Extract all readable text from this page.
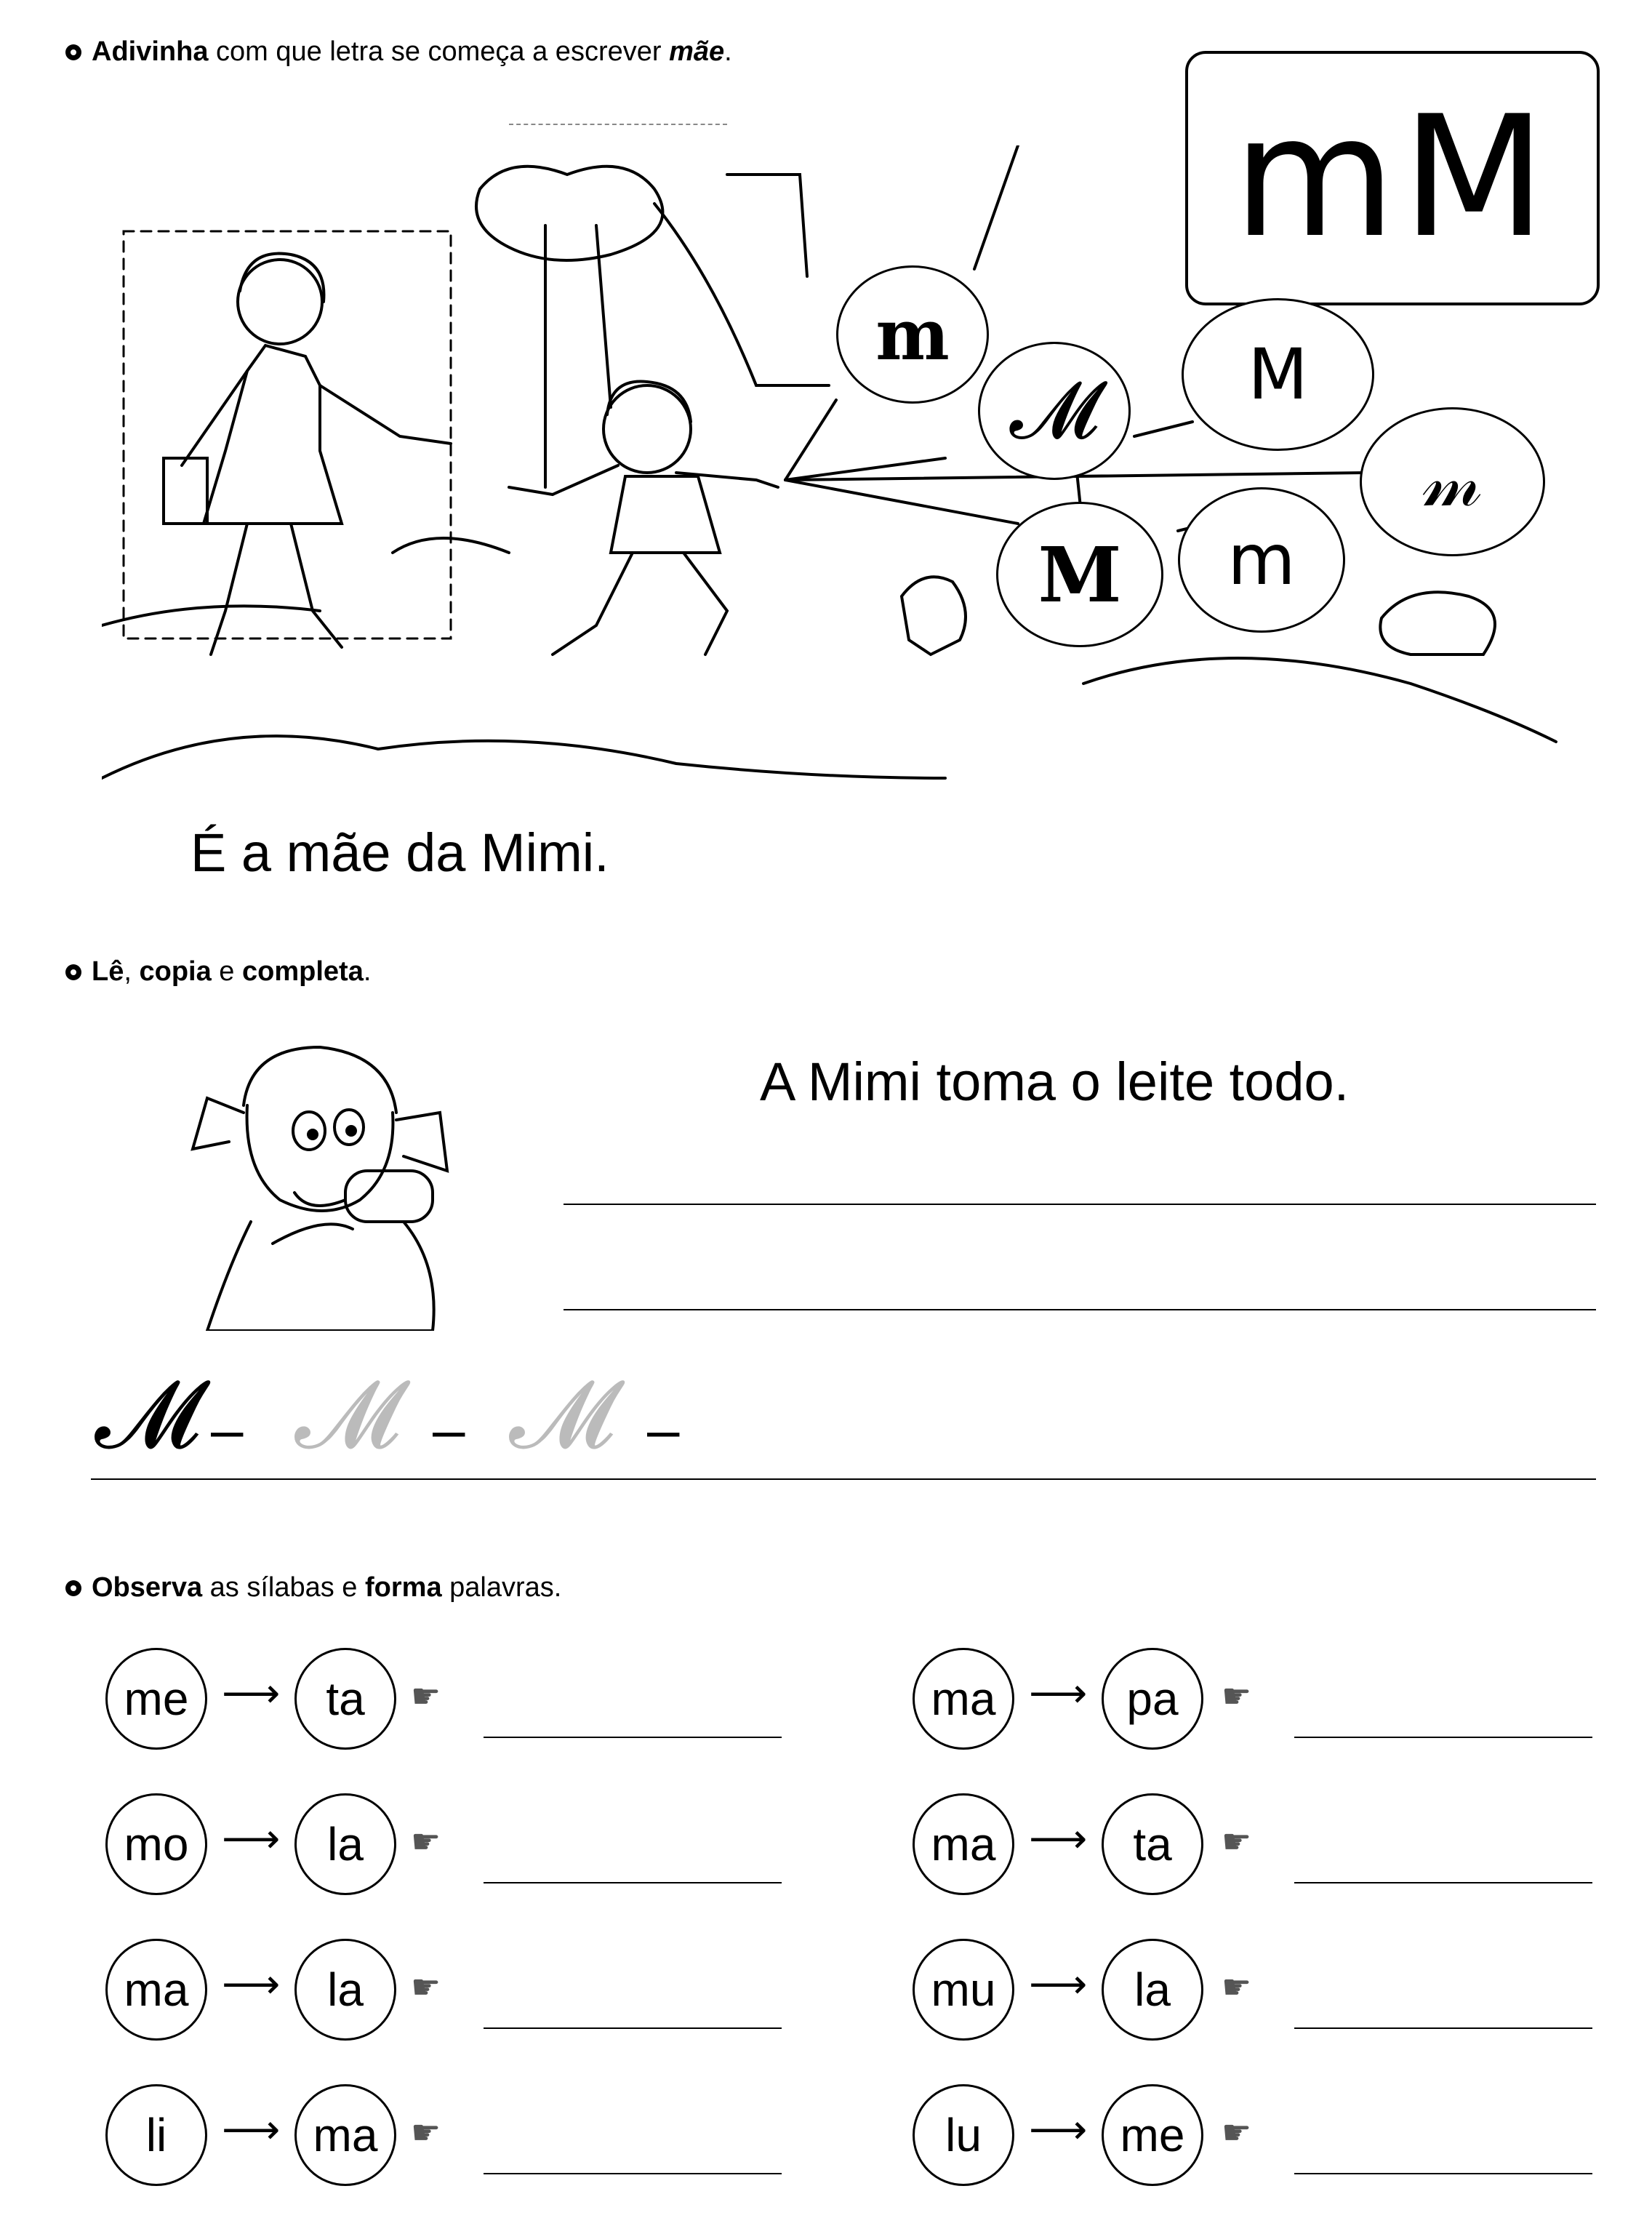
Adivinha com que letra se começa a escrever mãe.
mM
m
𝓜 M
𝓂
M m
É a mãe da Mimi.
Lê, copia e completa.
A Mimi toma o leite todo.
𝓜 – 𝓜 – 𝓜 –
Observa as sílabas e forma palavras.
me ⟶ ta	☛
mo ⟶	la	☛
ma ⟶	la	☛
li	⟶ ma ☛
ma ⟶ pa	☛
ma ⟶ ta	☛
mu ⟶	la	☛
lu	⟶ me	☛
